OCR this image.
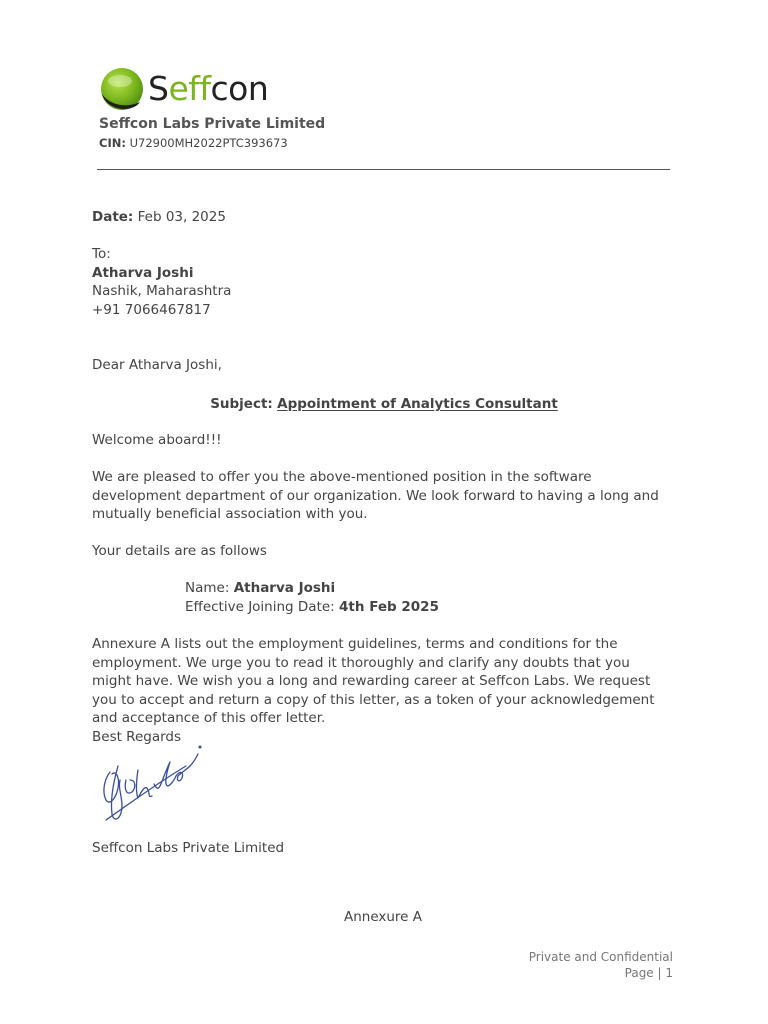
Seffcon
Seffcon Labs Private Limited
CIN: U72900MH2022PTC393673
Date: Feb 03, 2025
To:
Atharva Joshi
Nashik, Maharashtra
+91 7066467817
Dear Atharva Joshi,
Subject: Appointment of Analytics Consultant
Welcome aboard!!!
We are pleased to offer you the above-mentioned position in the software development department of our organization. We look forward to having a long and mutually beneficial association with you.
Your details are as follows
Name: Atharva Joshi
Effective Joining Date: 4th Feb 2025
Annexure A lists out the employment guidelines, terms and conditions for the employment. We urge you to read it thoroughly and clarify any doubts that you might have. We wish you a long and rewarding career at Seffcon Labs. We request you to accept and return a copy of this letter, as a token of your acknowledgement and acceptance of this offer letter.
Best Regards
Seffcon Labs Private Limited
Annexure A
Private and Confidential
Page | 1
